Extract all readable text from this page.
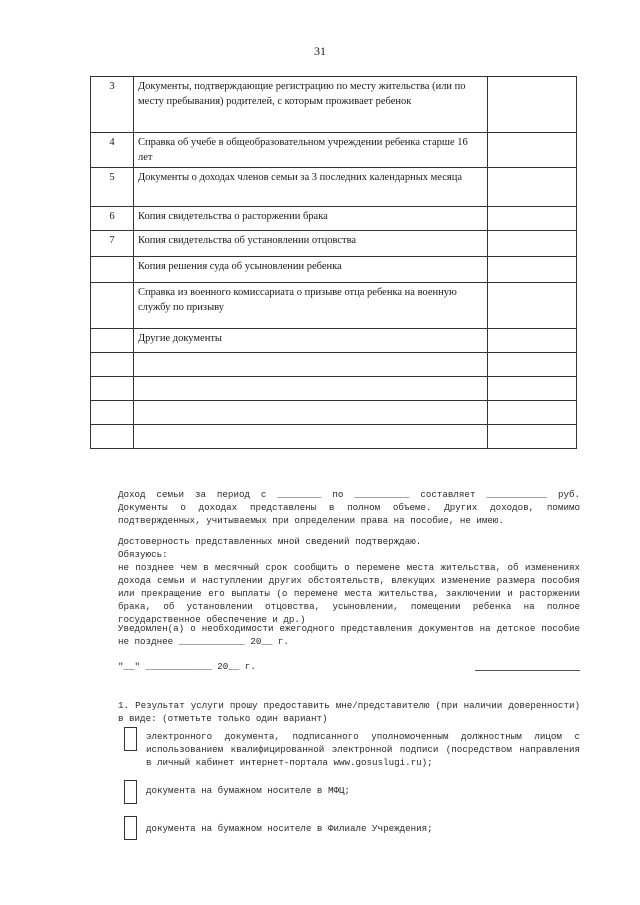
31
3	Документы, подтверждающие регистрацию по месту жительства (или по месту пребывания) родителей, с которым проживает ребенок	
4	Справка об учебе в общеобразовательном учреждении ребенка старше 16 лет	
5	Документы о доходах членов семьи за 3 последних календарных месяца	
6	Копия свидетельства о расторжении брака	
7	Копия свидетельства об установлении отцовства	
	Копия решения суда об усыновлении ребенка	
	Справка из военного комиссариата о призыве отца ребенка на военную службу по призыву	
	Другие документы	

Доход семьи за период с ________ по __________ составляет ___________ руб. Документы о доходах представлены в полном объеме. Других доходов, помимо подтвержденных, учитываемых при определении права на пособие, не имею.
Достоверность представленных мной сведений подтверждаю.
Обязуюсь:
не позднее чем в месячный срок сообщить о перемене места жительства, об изменениях дохода семьи и наступлении других обстоятельств, влекущих изменение размера пособия или прекращение его выплаты (о перемене места жительства, заключении и расторжении брака, об установлении отцовства, усыновлении, помещении ребенка на полное государственное обеспечение и др.)
Уведомлен(а) о необходимости ежегодного представления документов на детское пособие не позднее ____________ 20__ г.
"__" ____________ 20__ г.
1. Результат услуги прошу предоставить мне/представителю (при наличии доверенности) в виде: (отметьте только один вариант)
электронного документа, подписанного уполномоченным должностным лицом с использованием квалифицированной электронной подписи (посредством направления в личный кабинет интернет-портала www.gosuslugi.ru);
документа на бумажном носителе в МФЦ;
документа на бумажном носителе в Филиале Учреждения;
